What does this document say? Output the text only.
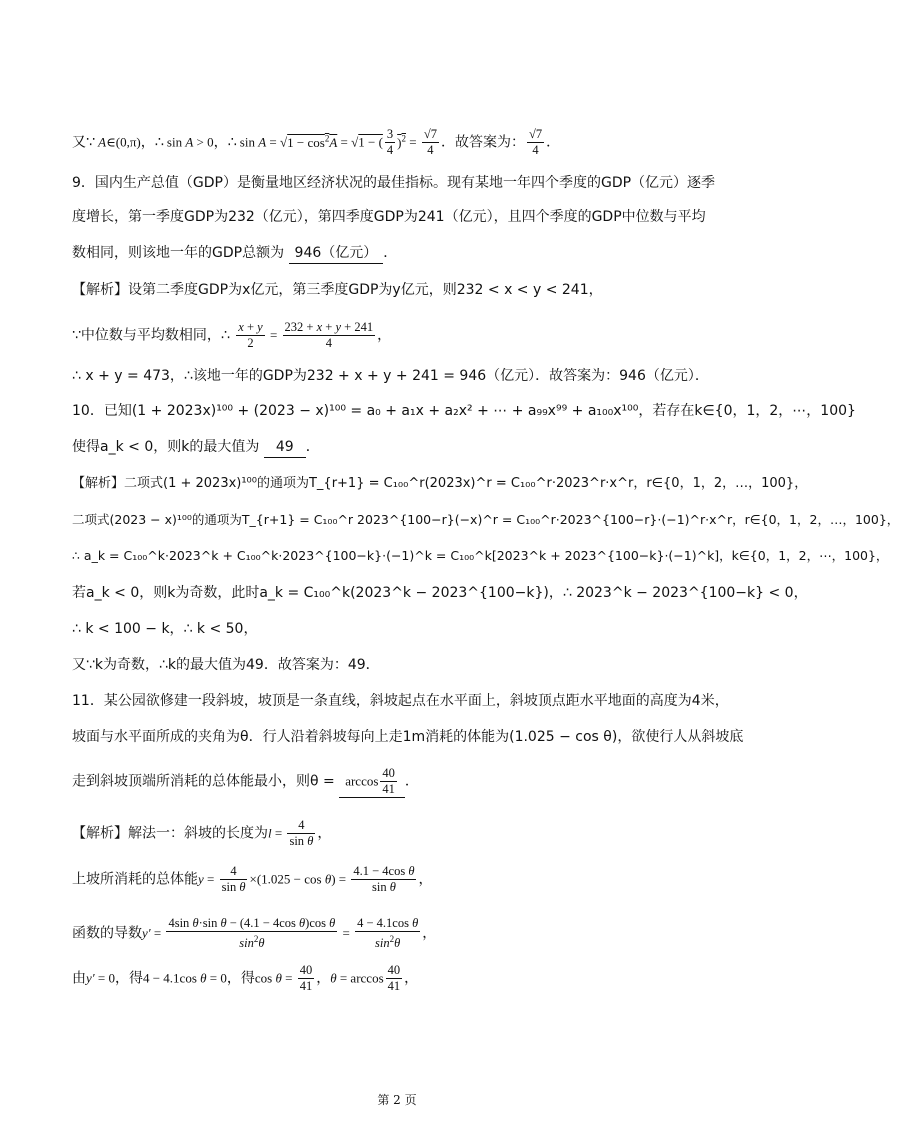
又∵ A∈(0,π)，∴ sin A > 0，∴ $\sin A = √1 - \cos^2A = √1$ − ( $\frac{3}{4} )^2 = \frac{√7}{4}$ ．故答案为： $\frac{√7}{4}$ ．
9．国内生产总值（GDP）是衡量地区经济状况的最佳指标。现有某地一年四个季度的GDP（亿元）逐季
度增长，第一季度GDP为232（亿元），第四季度GDP为241（亿元），且四个季度的GDP中位数与平均
数相同，则该地一年的GDP总额为 946（亿元） ．
【解析】设第二季度GDP为x亿元，第三季度GDP为y亿元，则232 < x < y < 241，
∵中位数与平均数相同，∴ $\frac{x + y}{2} = \frac{232 + x + y + 241}{4}$ ，
∴ x + y = 473，∴该地一年的GDP为232 + x + y + 241 = 946（亿元）．故答案为：946（亿元）．
10．已知(1 + 2023x)¹⁰⁰ + (2023 − x)¹⁰⁰ = a₀ + a₁x + a₂x² + ⋯ + a₉₉x⁹⁹ + a₁₀₀x¹⁰⁰，若存在k∈{0，1，2，⋯，100}
使得a_k < 0，则k的最大值为 49 ．
【解析】二项式(1 + 2023x)¹⁰⁰的通项为T_{r+1} = C₁₀₀^r(2023x)^r = C₁₀₀^r·2023^r·x^r，r∈{0，1，2，…，100}，
二项式(2023 − x)¹⁰⁰的通项为T_{r+1} = C₁₀₀^r 2023^{100−r}(−x)^r = C₁₀₀^r·2023^{100−r}·(−1)^r·x^r，r∈{0，1，2，…，100}，
∴ a_k = C₁₀₀^k·2023^k + C₁₀₀^k·2023^{100−k}·(−1)^k = C₁₀₀^k[2023^k + 2023^{100−k}·(−1)^k]，k∈{0，1，2，⋯，100}，
若a_k < 0，则k为奇数，此时a_k = C₁₀₀^k(2023^k − 2023^{100−k})，∴ 2023^k − 2023^{100−k} < 0，
∴ k < 100 − k，∴ k < 50，
又∵k为奇数，∴k的最大值为49．故答案为：49．
11．某公园欲修建一段斜坡，坡顶是一条直线，斜坡起点在水平面上，斜坡顶点距水平地面的高度为4米，
坡面与水平面所成的夹角为θ．行人沿着斜坡每向上走1m消耗的体能为(1.025 − cos θ)，欲使行人从斜坡底
走到斜坡顶端所消耗的总体能最小，则$\theta = \arccos \frac{40}{41}$ ．
【解析】解法一：斜坡的长度为$l = \frac{4}{\text{sin θ}}$ ，
上坡所消耗的总体能$y = \frac{4}{\text{sin θ}} \times(1.025 - \cos \theta) = \frac{\text{4.1 − 4cos θ}}{\text{sin θ}}$ ，
函数的导数$y' = \frac{\text{4sin θ·sin θ − (4.1 − 4cos θ)cos θ}}{\sin^2\theta} = \frac{\text{4 − 4.1cos θ}}{\sin^2\theta}$ ，
由y′ = 0，得4 − 4.1cos θ = 0，得$\cos \theta = \frac{40}{41}$ ，$\theta = \arccos \frac{40}{41}$ ，
第 2 页
